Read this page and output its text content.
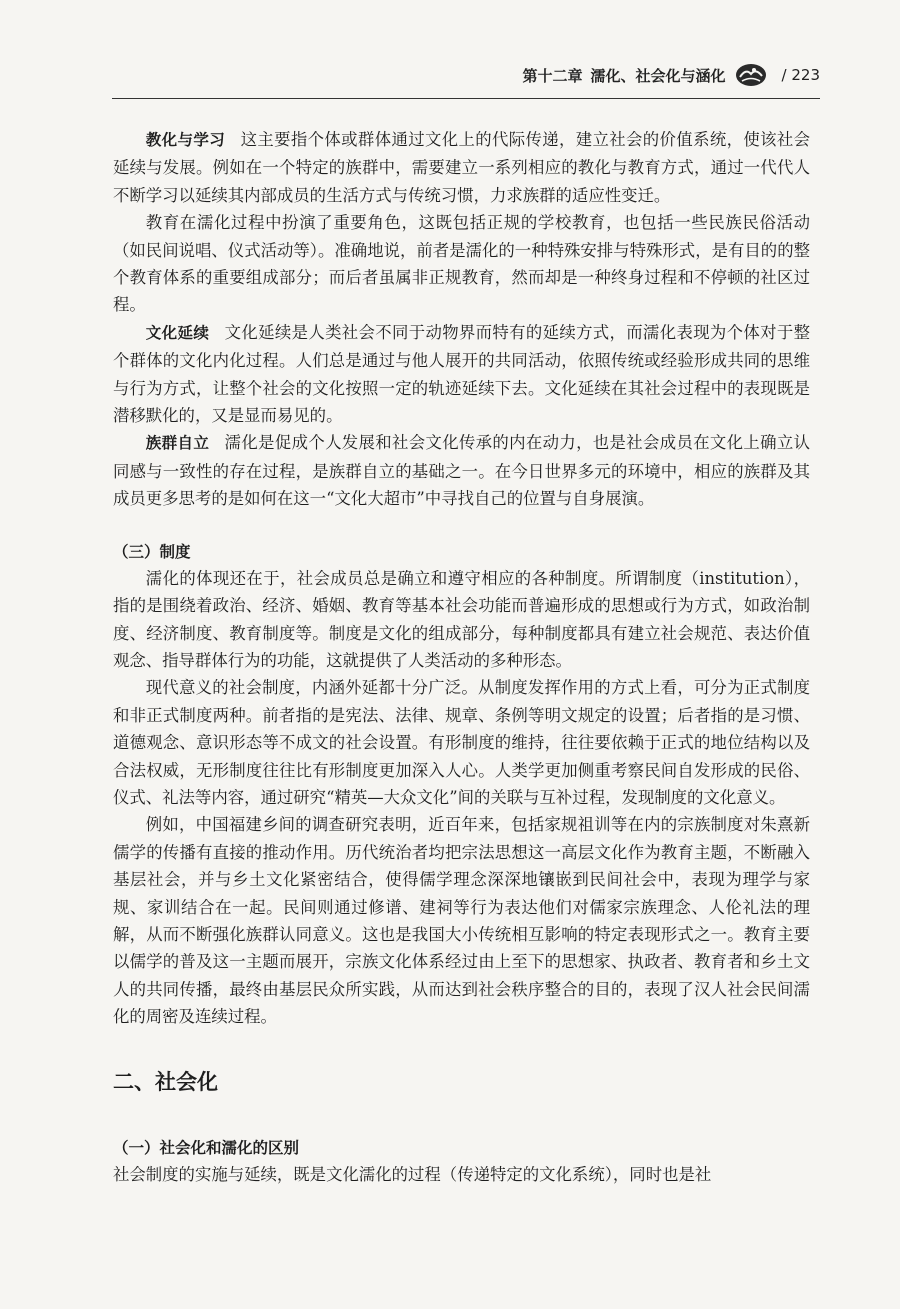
第十二章 濡化、社会化与涵化	/ 223

教化与学习 这主要指个体或群体通过文化上的代际传递，建立社会的价值系统，使该社会延续与发展。例如在一个特定的族群中，需要建立一系列相应的教化与教育方式，通过一代代人不断学习以延续其内部成员的生活方式与传统习惯，力求族群的适应性变迁。

教育在濡化过程中扮演了重要角色，这既包括正规的学校教育，也包括一些民族民俗活动（如民间说唱、仪式活动等）。准确地说，前者是濡化的一种特殊安排与特殊形式，是有目的的整个教育体系的重要组成部分；而后者虽属非正规教育，然而却是一种终身过程和不停顿的社区过程。

文化延续 文化延续是人类社会不同于动物界而特有的延续方式，而濡化表现为个体对于整个群体的文化内化过程。人们总是通过与他人展开的共同活动，依照传统或经验形成共同的思维与行为方式，让整个社会的文化按照一定的轨迹延续下去。文化延续在其社会过程中的表现既是潜移默化的，又是显而易见的。

族群自立 濡化是促成个人发展和社会文化传承的内在动力，也是社会成员在文化上确立认同感与一致性的存在过程，是族群自立的基础之一。在今日世界多元的环境中，相应的族群及其成员更多思考的是如何在这一“文化大超市”中寻找自己的位置与自身展演。

（三）制度

濡化的体现还在于，社会成员总是确立和遵守相应的各种制度。所谓制度（institution），指的是围绕着政治、经济、婚姻、教育等基本社会功能而普遍形成的思想或行为方式，如政治制度、经济制度、教育制度等。制度是文化的组成部分，每种制度都具有建立社会规范、表达价值观念、指导群体行为的功能，这就提供了人类活动的多种形态。

现代意义的社会制度，内涵外延都十分广泛。从制度发挥作用的方式上看，可分为正式制度和非正式制度两种。前者指的是宪法、法律、规章、条例等明文规定的设置；后者指的是习惯、道德观念、意识形态等不成文的社会设置。有形制度的维持，往往要依赖于正式的地位结构以及合法权威，无形制度往往比有形制度更加深入人心。人类学更加侧重考察民间自发形成的民俗、仪式、礼法等内容，通过研究“精英—大众文化”间的关联与互补过程，发现制度的文化意义。

例如，中国福建乡间的调查研究表明，近百年来，包括家规祖训等在内的宗族制度对朱熹新儒学的传播有直接的推动作用。历代统治者均把宗法思想这一高层文化作为教育主题，不断融入基层社会，并与乡土文化紧密结合，使得儒学理念深深地镶嵌到民间社会中，表现为理学与家规、家训结合在一起。民间则通过修谱、建祠等行为表达他们对儒家宗族理念、人伦礼法的理解，从而不断强化族群认同意义。这也是我国大小传统相互影响的特定表现形式之一。教育主要以儒学的普及这一主题而展开，宗族文化体系经过由上至下的思想家、执政者、教育者和乡土文人的共同传播，最终由基层民众所实践，从而达到社会秩序整合的目的，表现了汉人社会民间濡化的周密及连续过程。

二、社会化
（一）社会化和濡化的区别

社会制度的实施与延续，既是文化濡化的过程（传递特定的文化系统），同时也是社
